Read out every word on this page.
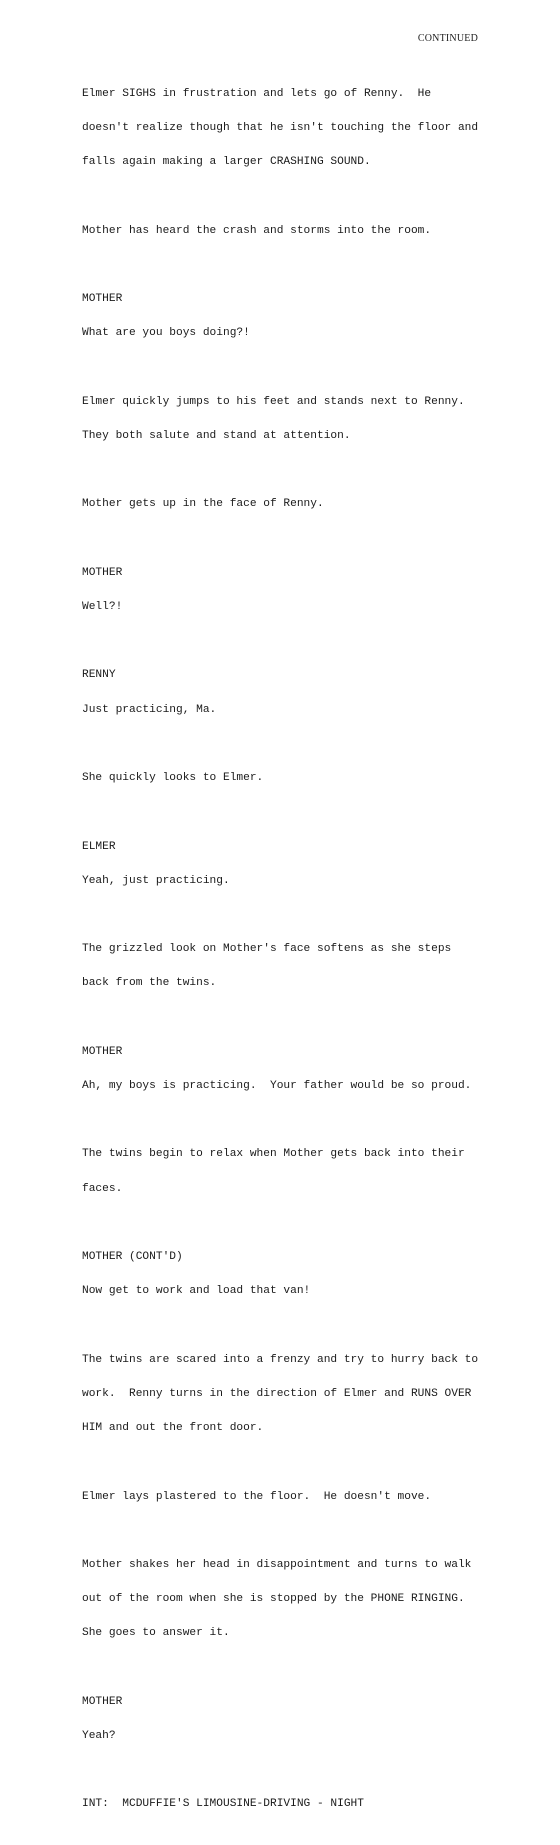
CONTINUED

Elmer SIGHS in frustration and lets go of Renny.  He

doesn't realize though that he isn't touching the floor and

falls again making a larger CRASHING SOUND.

Mother has heard the crash and storms into the room.

MOTHER

What are you boys doing?!

Elmer quickly jumps to his feet and stands next to Renny.

They both salute and stand at attention.

Mother gets up in the face of Renny.

MOTHER

Well?!

RENNY

Just practicing, Ma.

She quickly looks to Elmer.

ELMER

Yeah, just practicing.

The grizzled look on Mother's face softens as she steps

back from the twins.

MOTHER

Ah, my boys is practicing.  Your father would be so proud.

The twins begin to relax when Mother gets back into their

faces.

MOTHER (CONT'D)

Now get to work and load that van!

The twins are scared into a frenzy and try to hurry back to

work.  Renny turns in the direction of Elmer and RUNS OVER

HIM and out the front door.

Elmer lays plastered to the floor.  He doesn't move.

Mother shakes her head in disappointment and turns to walk

out of the room when she is stopped by the PHONE RINGING.

She goes to answer it.

MOTHER

Yeah?

INT:  MCDUFFIE'S LIMOUSINE-DRIVING - NIGHT
